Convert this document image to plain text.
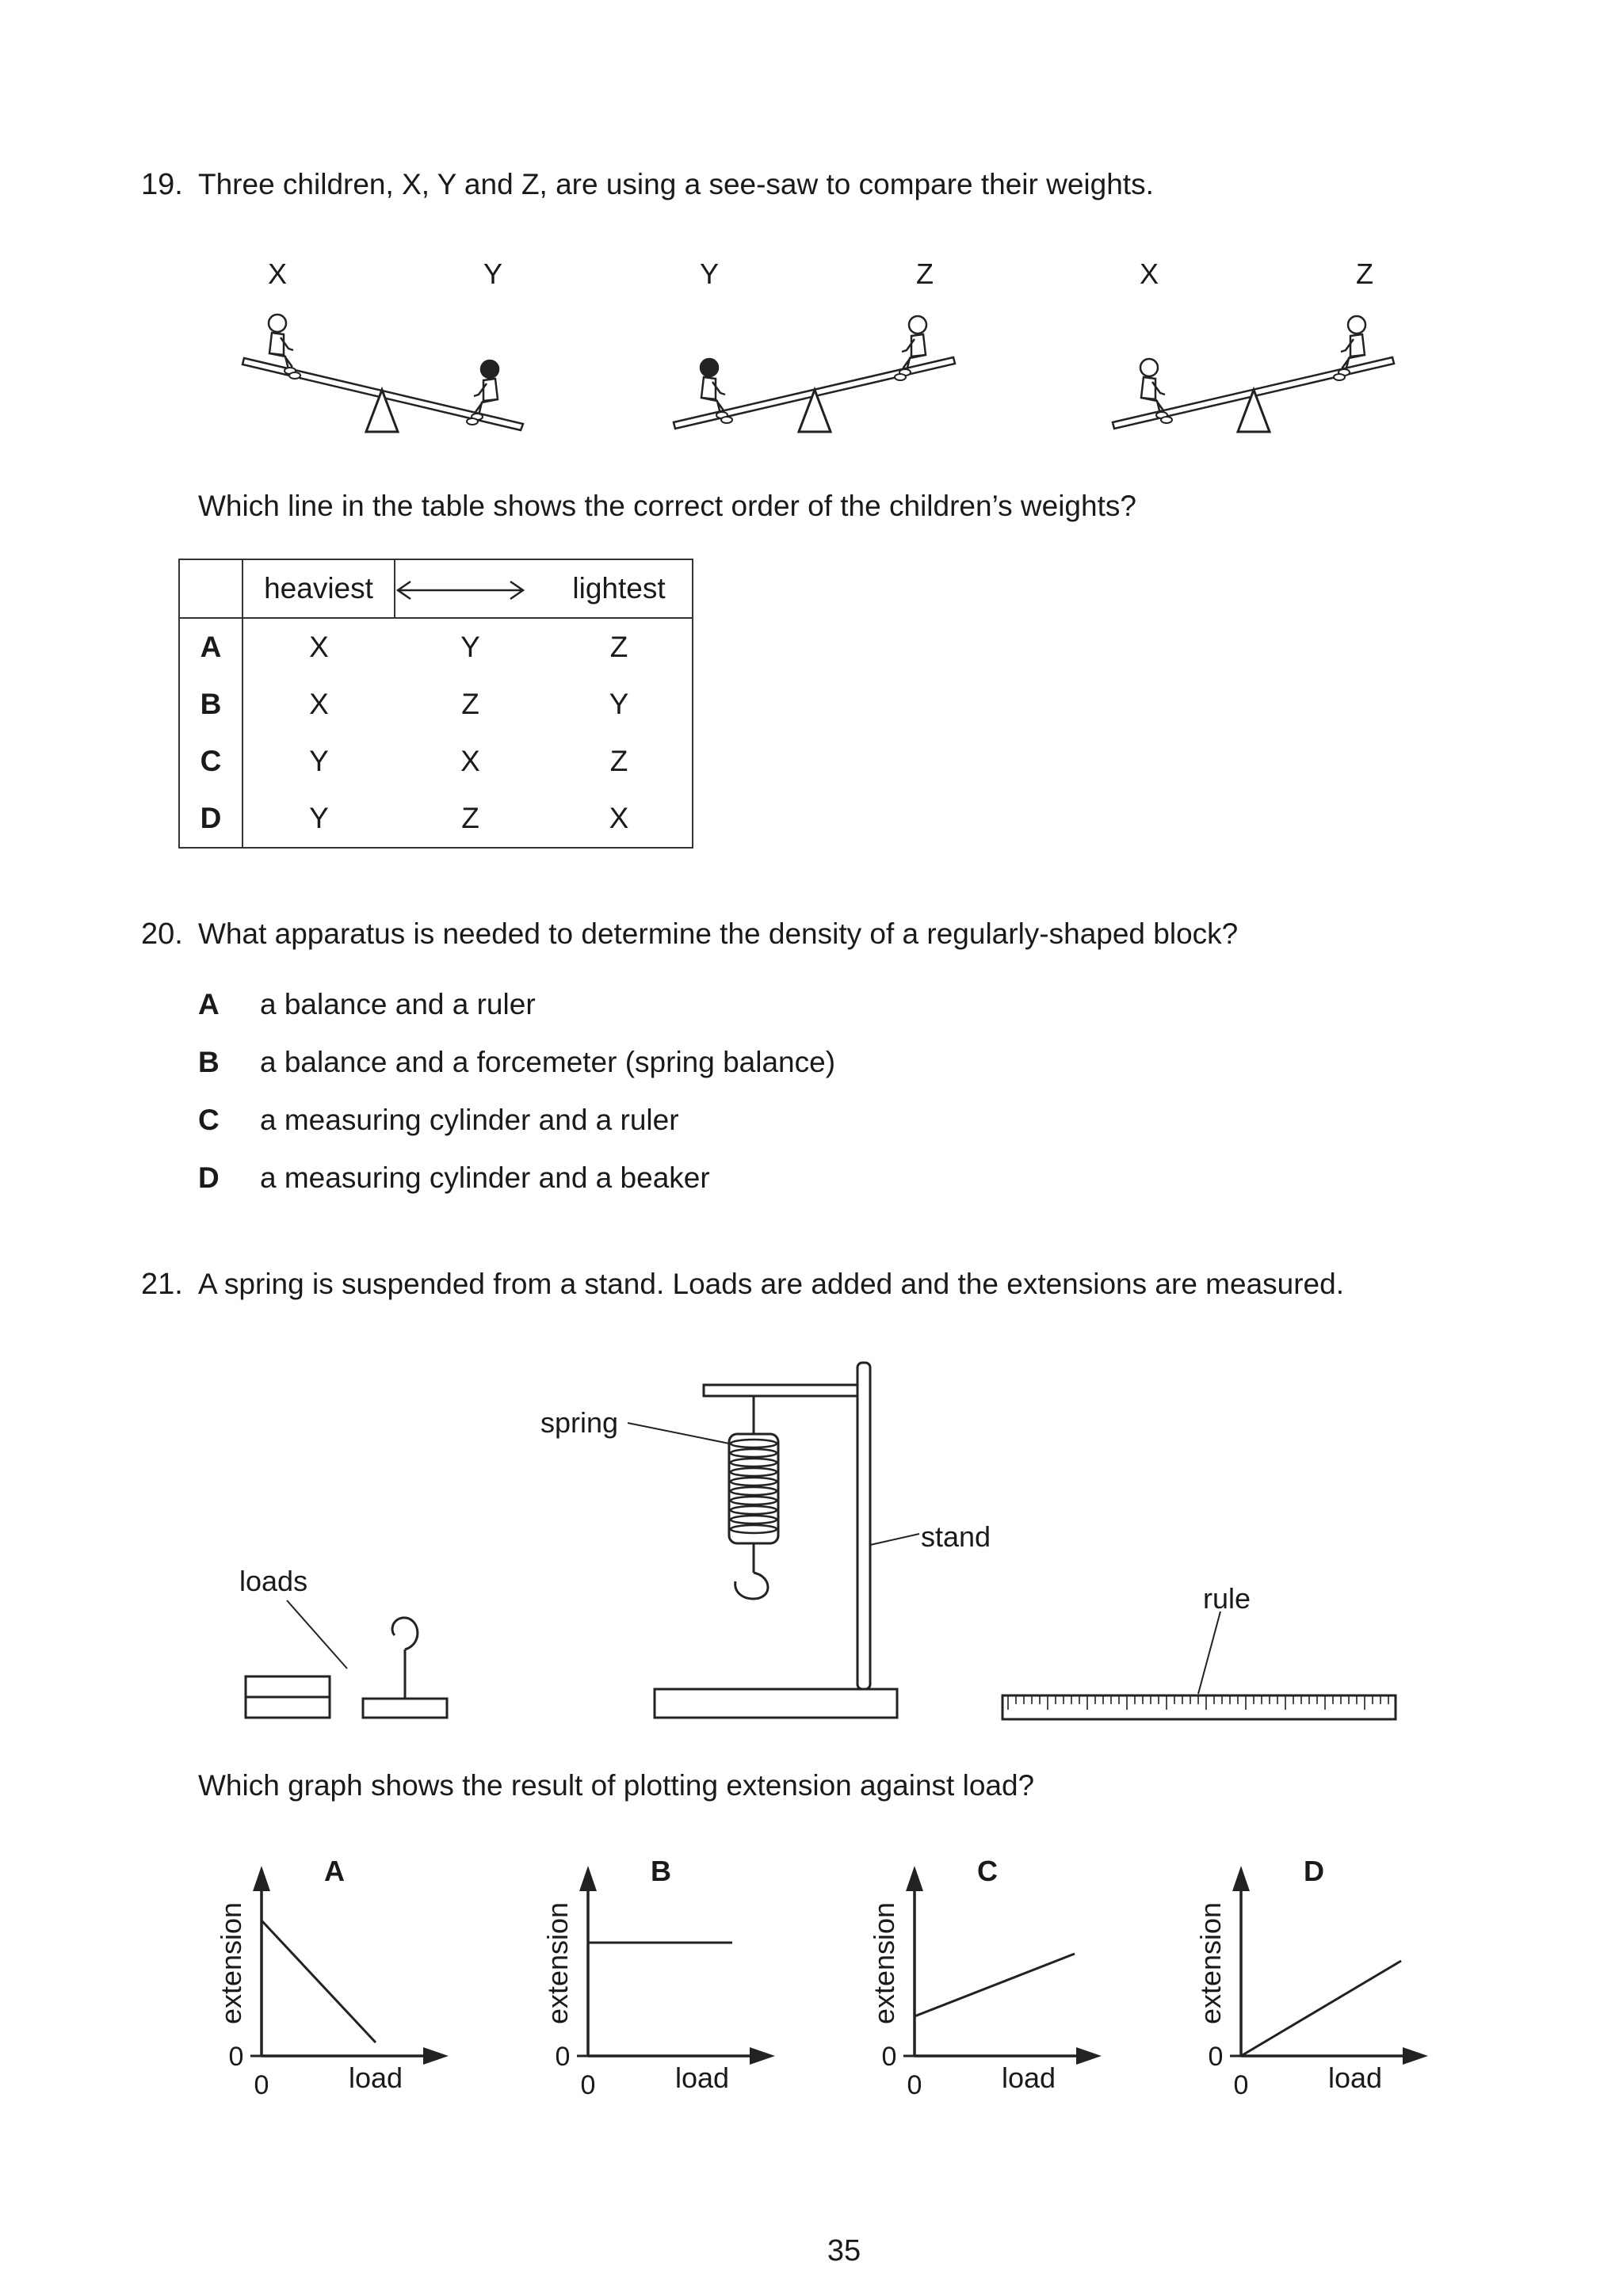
19. Three children, X, Y and Z, are using a see-saw to compare their weights.
X	Y	Y	Z	X	Z
Which line in the table shows the correct order of the children’s weights?
	heaviest		lightest
A	X	Y	Z
B	X	Z	Y
C	Y	X	Z
D	Y	Z	X
20. What apparatus is needed to determine the density of a regularly-shaped block?
A a balance and a ruler
B a balance and a forcemeter (spring balance)
C a measuring cylinder and a ruler
D a measuring cylinder and a beaker
21. A spring is suspended from a stand. Loads are added and the extensions are measured.
spring
stand
loads
rule
Which graph shows the result of plotting extension against load?
A
extension
load
0
0
B
extension
load
0
0
C
extension
load
0
0
D
extension
load
0
0
35
